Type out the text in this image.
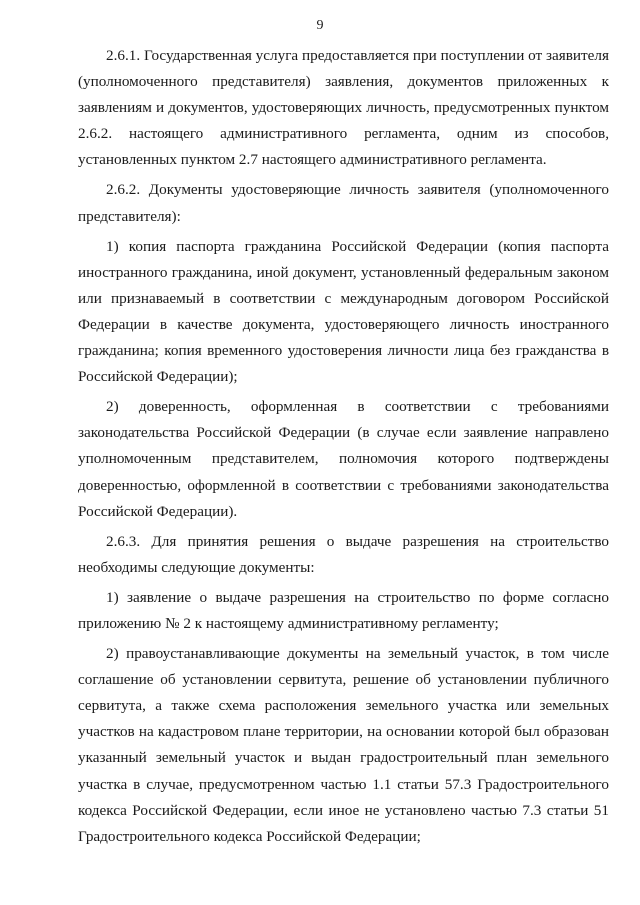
9

2.6.1. Государственная услуга предоставляется при поступлении от заявителя (уполномоченного представителя) заявления, документов приложенных к заявлениям и документов, удостоверяющих личность, предусмотренных пунктом 2.6.2. настоящего административного регламента, одним из способов, установленных пунктом 2.7 настоящего административного регламента.

2.6.2. Документы удостоверяющие личность заявителя (уполномоченного представителя):

1) копия паспорта гражданина Российской Федерации (копия паспорта иностранного гражданина, иной документ, установленный федеральным законом или признаваемый в соответствии с международным договором Российской Федерации в качестве документа, удостоверяющего личность иностранного гражданина; копия временного удостоверения личности лица без гражданства в Российской Федерации);

2) доверенность, оформленная в соответствии с требованиями законодательства Российской Федерации (в случае если заявление направлено уполномоченным представителем, полномочия которого подтверждены доверенностью, оформленной в соответствии с требованиями законодательства Российской Федерации).

2.6.3. Для принятия решения о выдаче разрешения на строительство необходимы следующие документы:

1) заявление о выдаче разрешения на строительство по форме согласно приложению № 2 к настоящему административному регламенту;

2) правоустанавливающие документы на земельный участок, в том числе соглашение об установлении сервитута, решение об установлении публичного сервитута, а также схема расположения земельного участка или земельных участков на кадастровом плане территории, на основании которой был образован указанный земельный участок и выдан градостроительный план земельного участка в случае, предусмотренном частью 1.1 статьи 57.3 Градостроительного кодекса Российской Федерации, если иное не установлено частью 7.3 статьи 51 Градостроительного кодекса Российской Федерации;
